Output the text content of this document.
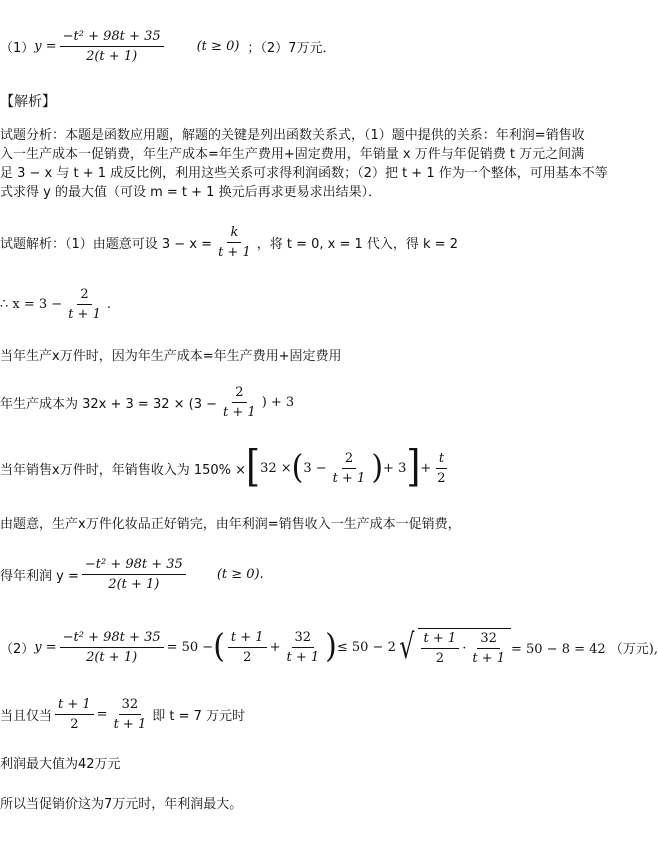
（1） $y = \frac{\text{−t² + 98t + 35}}{2(t + 1)}$	(t ≥ 0) ；（2）7万元．
【解析】
试题分析：本题是函数应用题，解题的关键是列出函数关系式，（1）题中提供的关系：年利润=销售收
入一生产成本一促销费，年生产成本=年生产费用+固定费用，年销量 x 万件与年促销费 t 万元之间满
足 3 − x 与 t + 1 成反比例，利用这些关系可求得利润函数；（2）把 t + 1 作为一个整体，可用基本不等
式求得 y 的最大值（可设 m = t + 1 换元后再求更易求出结果）．
试题解析：（1）由题意可设 $3 - x = \frac{k}{t + 1}$ ，将 t = 0, x = 1 代入，得 k = 2
∴ $x = 3 - \frac{2}{t + 1}$ .
当年生产x万件时，因为年生产成本=年生产费用+固定费用
年生产成本为 $32x + 3 = 32 \times (3 - \frac{2}{t + 1}$ ) + 3
当年销售x万件时，年销售收入为 150% × [ 32 × ( $3 - \frac{2}{t + 1}$ ) + 3 ] + $\frac{t}{2}$
由题意，生产x万件化妆品正好销完，由年利润=销售收入一生产成本一促销费，
得年利润 $y = \frac{\text{−t² + 98t + 35}}{2(t + 1)} (t \ge 0)$ .
（2） $y = \frac{\text{−t² + 98t + 35}}{2(t + 1)} = 50$ − ( $\frac{t + 1}{2} + \frac{32}{t + 1}$ ) ≤ 50 − 2 √ $\frac{t + 1}{2} \cdot \frac{32}{t + 1} = 50 - 8 = 42$ （万元),
当且仅当 $\frac{t + 1}{2} = \frac{32}{t + 1}$ 即 t = 7 万元时
利润最大值为42万元
所以当促销价这为7万元时，年利润最大。
